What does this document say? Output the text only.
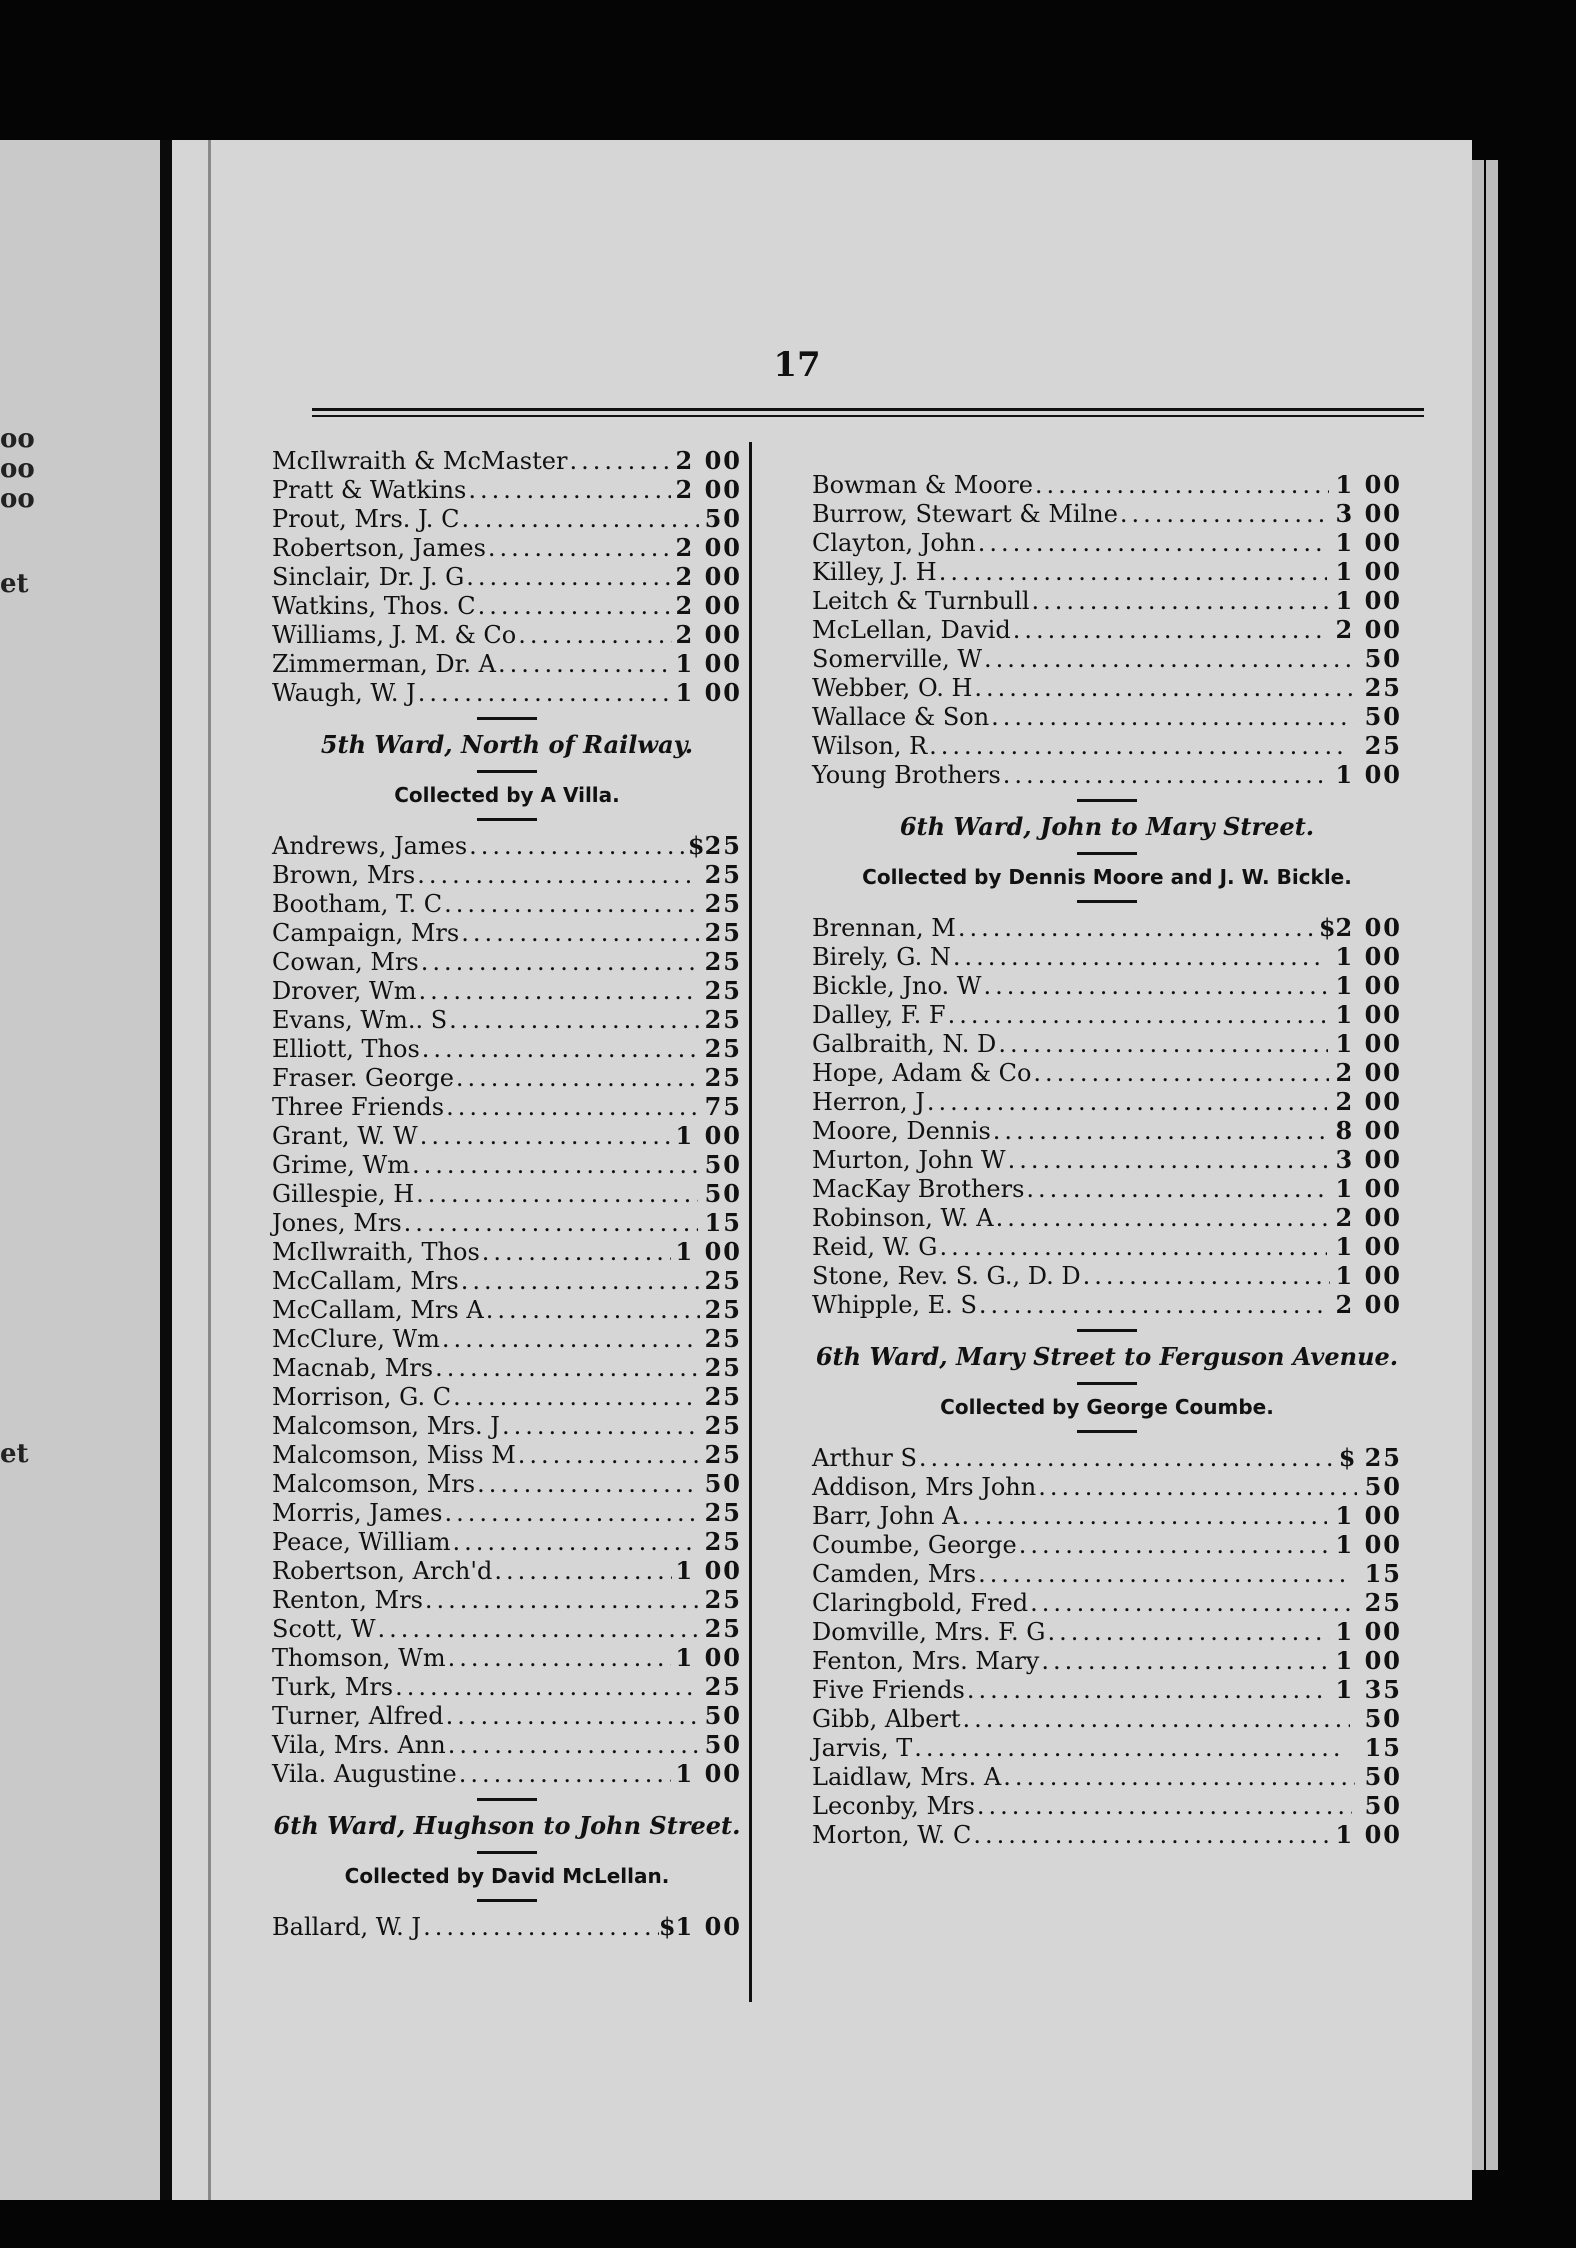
oo
oo
oo
et
et
17
McIlwraith & McMaster .....	2 00
Pratt & Watkins .....	2 00
Prout, Mrs. J. C .....	50
Robertson, James .....	2 00
Sinclair, Dr. J. G .....	2 00
Watkins, Thos. C .....	2 00
Williams, J. M. & Co .....	2 00
Zimmerman, Dr. A .....	1 00
Waugh, W. J .....	1 00
5th Ward, North of Railway.
Collected by A Villa.
Andrews, James .....	$ 25
Brown, Mrs .....	25
Bootham, T. C .....	25
Campaign, Mrs .....	25
Cowan, Mrs .....	25
Drover, Wm .....	25
Evans, Wm.. S .....	25
Elliott, Thos .....	25
Fraser. George .....	25
Three Friends .....	75
Grant, W. W .....	1 00
Grime, Wm .....	50
Gillespie, H .....	50
Jones, Mrs .....	15
McIlwraith, Thos .....	1 00
McCallam, Mrs .....	25
McCallam, Mrs A .....	25
McClure, Wm .....	25
Macnab, Mrs .....	25
Morrison, G. C .....	25
Malcomson, Mrs. J .....	25
Malcomson, Miss M .....	25
Malcomson, Mrs .....	50
Morris, James .....	25
Peace, William .....	25
Robertson, Arch'd .....	1 00
Renton, Mrs .....	25
Scott, W .....	25
Thomson, Wm .....	1 00
Turk, Mrs .....	25
Turner, Alfred .....	50
Vila, Mrs. Ann .....	50
Vila. Augustine .....	1 00
6th Ward, Hughson to John Street.
Collected by David McLellan.
Ballard, W. J .....	$ 1 00
Bowman & Moore .....	1 00
Burrow, Stewart & Milne .....	3 00
Clayton, John .....	1 00
Killey, J. H .....	1 00
Leitch & Turnbull .....	1 00
McLellan, David .....	2 00
Somerville, W .....	50
Webber, O. H .....	25
Wallace & Son .....	50
Wilson, R .....	25
Young Brothers .....	1 00
6th Ward, John to Mary Street.
Collected by Dennis Moore and J. W. Bickle.
Brennan, M .....	$ 2 00
Birely, G. N .....	1 00
Bickle, Jno. W .....	1 00
Dalley, F. F .....	1 00
Galbraith, N. D .....	1 00
Hope, Adam & Co .....	2 00
Herron, J .....	2 00
Moore, Dennis .....	8 00
Murton, John W .....	3 00
MacKay Brothers .....	1 00
Robinson, W. A .....	2 00
Reid, W. G .....	1 00
Stone, Rev. S. G., D. D .....	1 00
Whipple, E. S .....	2 00
6th Ward, Mary Street to Ferguson Avenue.
Collected by George Coumbe.
Arthur S .....	$ 25
Addison, Mrs John .....	50
Barr, John A .....	1 00
Coumbe, George .....	1 00
Camden, Mrs .....	15
Claringbold, Fred .....	25
Domville, Mrs. F. G .....	1 00
Fenton, Mrs. Mary .....	1 00
Five Friends .....	1 35
Gibb, Albert .....	50
Jarvis, T .....	15
Laidlaw, Mrs. A .....	50
Leconby, Mrs .....	50
Morton, W. C .....	1 00
